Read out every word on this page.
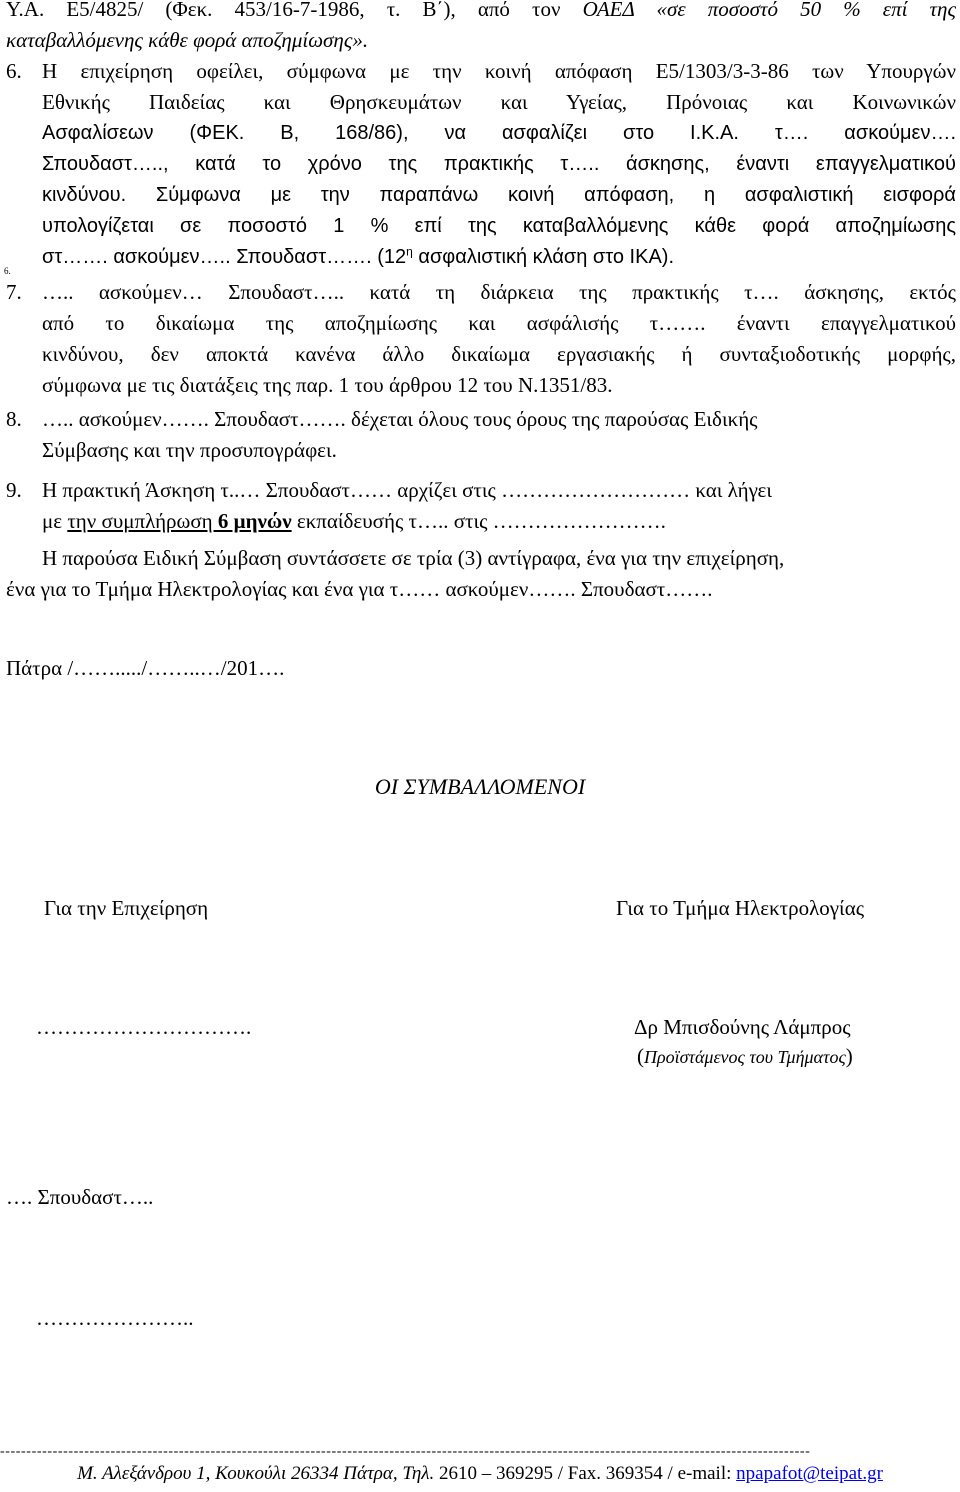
Υ.Α. Ε5/4825/ (Φεκ. 453/16-7-1986, τ. Β΄), από τον ΟΑΕΔ «σε ποσοστό 50 % επί της
καταβαλλόμενης κάθε φορά αποζημίωσης».
6. Η επιχείρηση οφείλει, σύμφωνα με την κοινή απόφαση Ε5/1303/3-3-86 των Υπουργών
Εθνικής Παιδείας και Θρησκευμάτων και Υγείας, Πρόνοιας και Κοινωνικών
Ασφαλίσεων (ΦΕΚ. Β, 168/86), να ασφαλίζει στο Ι.Κ.Α. τ…. ασκούμεν….
Σπουδαστ….., κατά το χρόνο της πρακτικής τ….. άσκησης, έναντι επαγγελματικού
κινδύνου. Σύμφωνα με την παραπάνω κοινή απόφαση, η ασφαλιστική εισφορά
υπολογίζεται σε ποσοστό 1 % επί της καταβαλλόμενης κάθε φορά αποζημίωσης
στ……. ασκούμεν….. Σπουδαστ……. ($12^\eta$ ασφαλιστική κλάση στο ΙΚΑ).
6.
7. ….. ασκούμεν… Σπουδαστ….. κατά τη διάρκεια της πρακτικής τ…. άσκησης, εκτός
από το δικαίωμα της αποζημίωσης και ασφάλισής τ……. έναντι επαγγελματικού
κινδύνου, δεν αποκτά κανένα άλλο δικαίωμα εργασιακής ή συνταξιοδοτικής μορφής,
σύμφωνα με τις διατάξεις της παρ. 1 του άρθρου 12 του Ν.1351/83.
8. ….. ασκούμεν……. Σπουδαστ……. δέχεται όλους τους όρους της παρούσας Ειδικής
Σύμβασης και την προσυπογράφει.
9. Η πρακτική Άσκηση τ..… Σπουδαστ…… αρχίζει στις ……………………… και λήγει
με την συμπλήρωση 6 μηνών εκπαίδευσής τ….. στις …………………….
Η παρούσα Ειδική Σύμβαση συντάσσετε σε τρία (3) αντίγραφα, ένα για την επιχείρηση,
ένα για το Τμήμα Ηλεκτρολογίας και ένα για τ…… ασκούμεν……. Σπουδαστ…….
Πάτρα /……...../……..…/201….
ΟΙ ΣΥΜΒΑΛΛΟΜΕΝΟΙ
Για την Επιχείρηση	Για το Τμήμα Ηλεκτρολογίας
………………………….	Δρ Μπισδούνης Λάμπρος
(Προϊστάμενος του Τμήματος)
…. Σπουδαστ…..
…………………..
----------------------------------------------------------------------------------------------------------------------------------------------------------
Μ. Αλεξάνδρου 1, Κουκούλι 26334 Πάτρα, Τηλ. 2610 – 369295 / Fax. 369354 / e-mail: npapafot@teipat.gr
